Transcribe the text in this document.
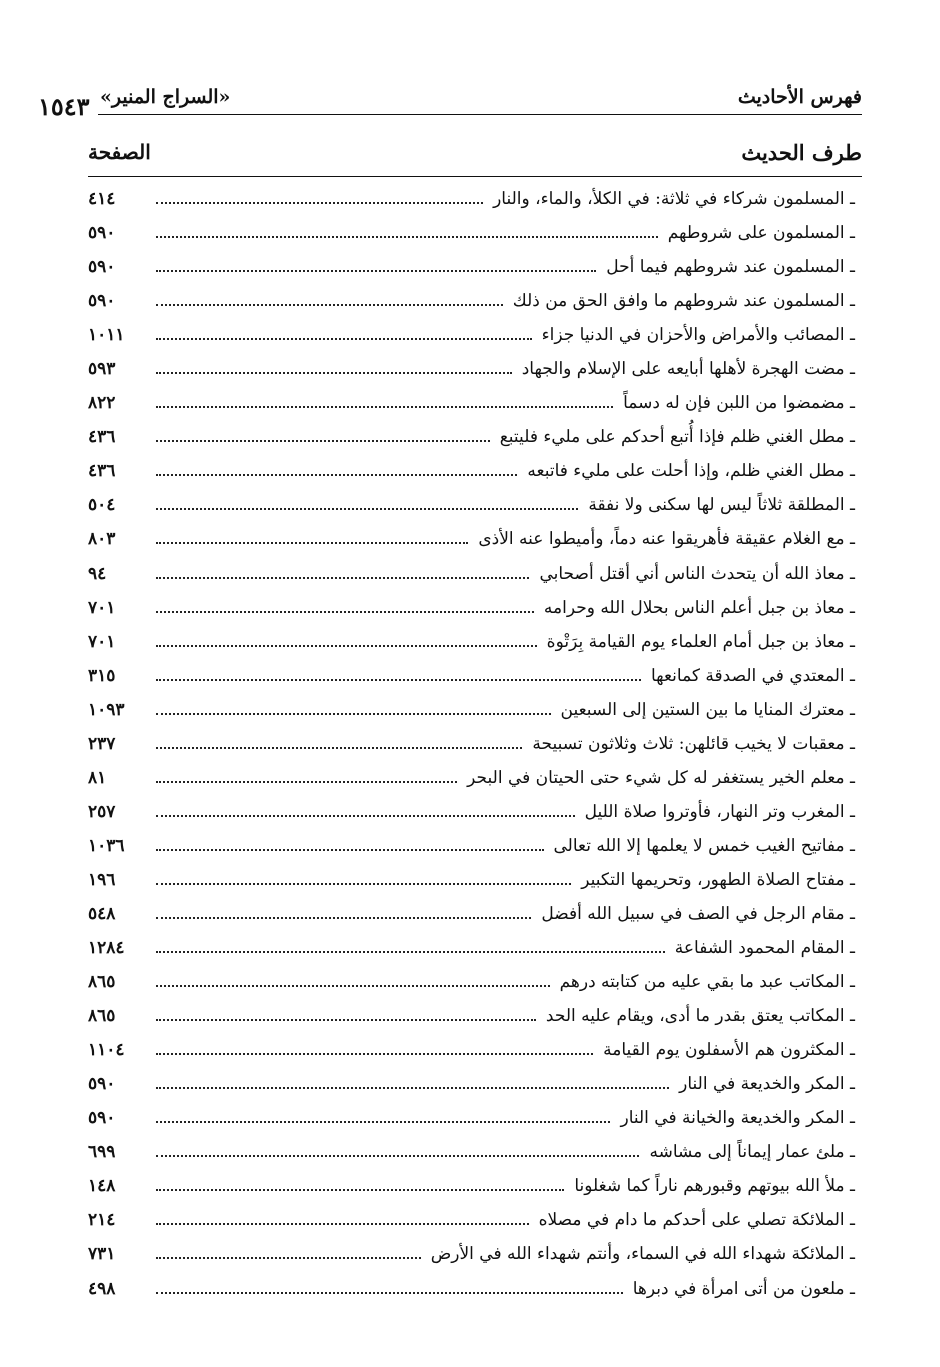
فهرس الأحاديث
«السراج المنير»
١٥٤٣
طرف الحديث
الصفحة
ـ المسلمون شركاء في ثلاثة: في الكلأ، والماء، والنار
٤١٤
ـ المسلمون على شروطهم
٥٩٠
ـ المسلمون عند شروطهم فيما أحل
٥٩٠
ـ المسلمون عند شروطهم ما وافق الحق من ذلك
٥٩٠
ـ المصائب والأمراض والأحزان في الدنيا جزاء
١٠١١
ـ مضت الهجرة لأهلها أبايعه على الإسلام والجهاد
٥٩٣
ـ مضمضوا من اللبن فإن له دسماً
٨٢٢
ـ مطل الغني ظلم فإذا أُتبع أحدكم على مليء فليتبع
٤٣٦
ـ مطل الغني ظلم، وإذا أحلت على مليء فاتبعه
٤٣٦
ـ المطلقة ثلاثاً ليس لها سكنى ولا نفقة
٥٠٤
ـ مع الغلام عقيقة فأهريقوا عنه دماً، وأميطوا عنه الأذى
٨٠٣
ـ معاذ الله أن يتحدث الناس أني أقتل أصحابي
٩٤
ـ معاذ بن جبل أعلم الناس بحلال الله وحرامه
٧٠١
ـ معاذ بن جبل أمام العلماء يوم القيامة بِرَتْوة
٧٠١
ـ المعتدي في الصدقة كمانعها
٣١٥
ـ معترك المنايا ما بين الستين إلى السبعين
١٠٩٣
ـ معقبات لا يخيب قائلهن: ثلاث وثلاثون تسبيحة
٢٣٧
ـ معلم الخير يستغفر له كل شيء حتى الحيتان في البحر
٨١
ـ المغرب وتر النهار، فأوتروا صلاة الليل
٢٥٧
ـ مفاتيح الغيب خمس لا يعلمها إلا الله تعالى
١٠٣٦
ـ مفتاح الصلاة الطهور، وتحريمها التكبير
١٩٦
ـ مقام الرجل في الصف في سبيل الله أفضل
٥٤٨
ـ المقام المحمود الشفاعة
١٢٨٤
ـ المكاتب عبد ما بقي عليه من كتابته درهم
٨٦٥
ـ المكاتب يعتق بقدر ما أدى، ويقام عليه الحد
٨٦٥
ـ المكثرون هم الأسفلون يوم القيامة
١١٠٤
ـ المكر والخديعة في النار
٥٩٠
ـ المكر والخديعة والخيانة في النار
٥٩٠
ـ ملئ عمار إيماناً إلى مشاشه
٦٩٩
ـ ملأ الله بيوتهم وقبورهم ناراً كما شغلونا
١٤٨
ـ الملائكة تصلي على أحدكم ما دام في مصلاه
٢١٤
ـ الملائكة شهداء الله في السماء، وأنتم شهداء الله في الأرض
٧٣١
ـ ملعون من أتى امرأة في دبرها
٤٩٨
